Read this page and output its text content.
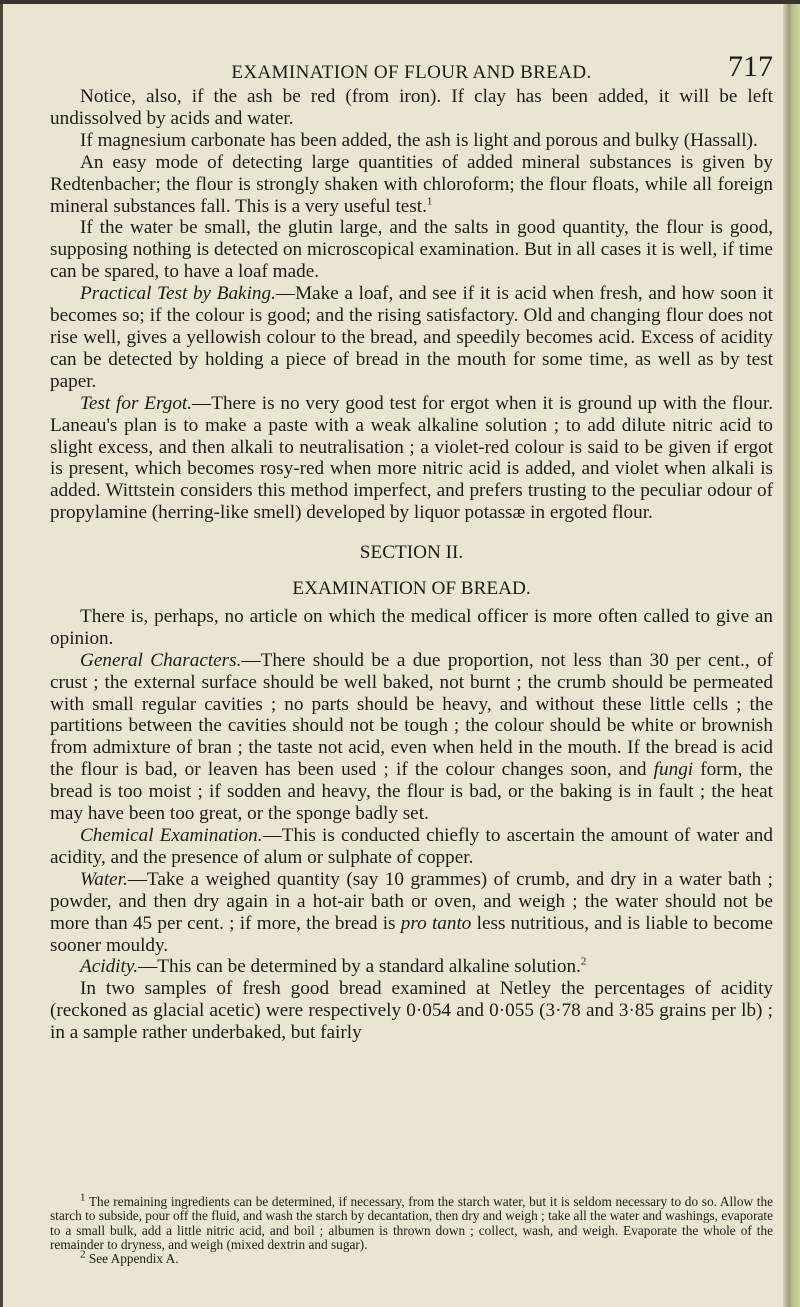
EXAMINATION OF FLOUR AND BREAD.	717

Notice, also, if the ash be red (from iron). If clay has been added, it will be left undissolved by acids and water.

If magnesium carbonate has been added, the ash is light and porous and bulky (Hassall).

An easy mode of detecting large quantities of added mineral substances is given by Redtenbacher; the flour is strongly shaken with chloroform; the flour floats, while all foreign mineral substances fall. This is a very useful test.$^1$

If the water be small, the glutin large, and the salts in good quantity, the flour is good, supposing nothing is detected on microscopical examination. But in all cases it is well, if time can be spared, to have a loaf made.

Practical Test by Baking.—Make a loaf, and see if it is acid when fresh, and how soon it becomes so; if the colour is good; and the rising satisfactory. Old and changing flour does not rise well, gives a yellowish colour to the bread, and speedily becomes acid. Excess of acidity can be detected by holding a piece of bread in the mouth for some time, as well as by test paper.

Test for Ergot.—There is no very good test for ergot when it is ground up with the flour. Laneau's plan is to make a paste with a weak alkaline solution ; to add dilute nitric acid to slight excess, and then alkali to neutralisation ; a violet-red colour is said to be given if ergot is present, which becomes rosy-red when more nitric acid is added, and violet when alkali is added. Wittstein considers this method imperfect, and prefers trusting to the peculiar odour of propylamine (herring-like smell) developed by liquor potassæ in ergoted flour.

SECTION II.

EXAMINATION OF BREAD.

There is, perhaps, no article on which the medical officer is more often called to give an opinion.

General Characters.—There should be a due proportion, not less than 30 per cent., of crust ; the external surface should be well baked, not burnt ; the crumb should be permeated with small regular cavities ; no parts should be heavy, and without these little cells ; the partitions between the cavities should not be tough ; the colour should be white or brownish from admixture of bran ; the taste not acid, even when held in the mouth. If the bread is acid the flour is bad, or leaven has been used ; if the colour changes soon, and fungi form, the bread is too moist ; if sodden and heavy, the flour is bad, or the baking is in fault ; the heat may have been too great, or the sponge badly set.

Chemical Examination.—This is conducted chiefly to ascertain the amount of water and acidity, and the presence of alum or sulphate of copper.

Water.—Take a weighed quantity (say 10 grammes) of crumb, and dry in a water bath ; powder, and then dry again in a hot-air bath or oven, and weigh ; the water should not be more than 45 per cent. ; if more, the bread is pro tanto less nutritious, and is liable to become sooner mouldy.

Acidity.—This can be determined by a standard alkaline solution.$^2$

In two samples of fresh good bread examined at Netley the percentages of acidity (reckoned as glacial acetic) were respectively 0·054 and 0·055 (3·78 and 3·85 grains per lb) ; in a sample rather underbaked, but fairly

$^1$ The remaining ingredients can be determined, if necessary, from the starch water, but it is seldom necessary to do so. Allow the starch to subside, pour off the fluid, and wash the starch by decantation, then dry and weigh ; take all the water and washings, evaporate to a small bulk, add a little nitric acid, and boil ; albumen is thrown down ; collect, wash, and weigh. Evaporate the whole of the remainder to dryness, and weigh (mixed dextrin and sugar).

$^2$ See Appendix A.
